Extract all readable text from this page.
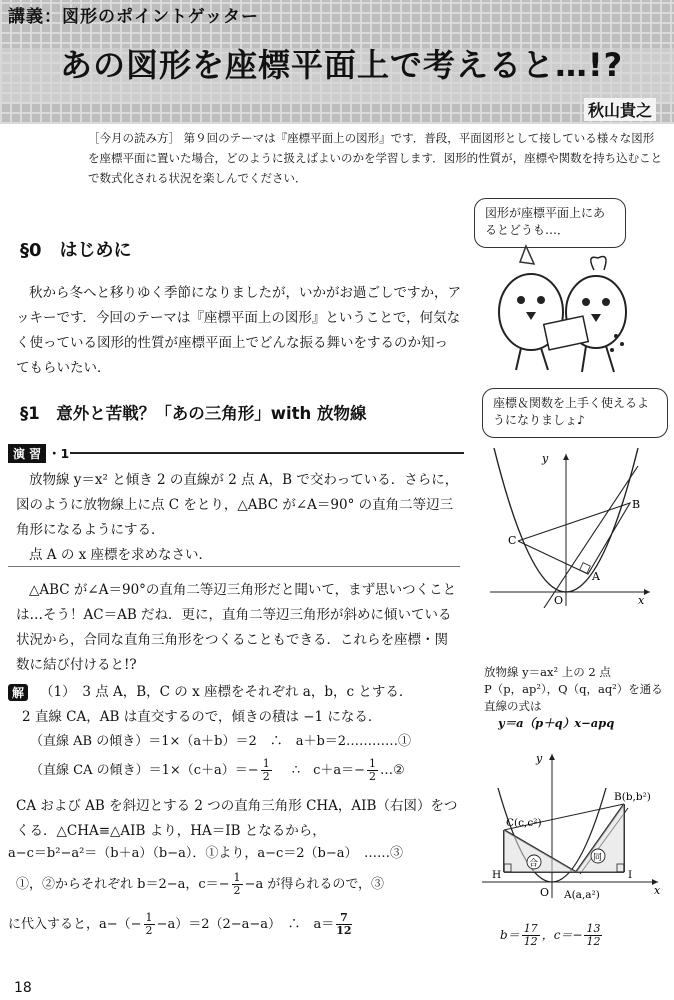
講義：図形のポイントゲッター
あの図形を座標平面上で考えると…!?
秋山貴之
［今月の読み方］ 第９回のテーマは『座標平面上の図形』です．普段，平面図形として接している様々な図形を座標平面に置いた場合，どのように扱えばよいのかを学習します．図形的性質が，座標や関数を持ち込むことで数式化される状況を楽しんでください．
§0　はじめに
秋から冬へと移りゆく季節になりましたが，いかがお過ごしですか，アッキーです．今回のテーマは『座標平面上の図形』ということで，何気なく使っている図形的性質が座標平面上でどんな振る舞いをするのか知ってもらいたい．
図形が座標平面上にあるとどうも…．
座標＆関数を上手く使えるようになりましょ♪
§1　意外と苦戦？「あの三角形」with 放物線
演 習 ・1
放物線 y＝x² と傾き 2 の直線が 2 点 A，B で交わっている．さらに，図のように放物線上に点 C をとり，△ABC が∠A＝90° の直角二等辺三角形になるようにする．
点 A の x 座標を求めなさい．
y
x
O
A
B
C
△ABC が∠A＝90°の直角二等辺三角形だと聞いて，まず思いつくことは…そう！AC＝AB だね．更に，直角二等辺三角形が斜めに傾いている状況から，合同な直角三角形をつくることもできる．これらを座標・関数に結び付けると!?
解 （1）　3 点 A，B，C の x 座標をそれぞれ a，b，c とする．
2 直線 CA，AB は直交するので，傾きの積は −1 になる．
（直線 AB の傾き）＝1×（a＋b）＝2　∴　a＋b＝2…………①
（直線 CA の傾き）$=1\times(c+a)=- \frac{1}{2}$ ∴　$c+a=- \frac{1}{2}$ …②
CA および AB を斜辺とする 2 つの直角三角形 CHA，AIB（右図）をつくる．△CHA≡△AIB より，HA＝IB となるから，
a−c＝b²−a²＝（b＋a）（b−a）．①より，a−c＝2（b−a）　……③
①，②からそれぞれ b＝2−a，$c=- \frac{1}{2} -a$ が得られるので，③
に代入すると，$a-(- \frac{1}{2} -a)=2(2-a-a)$　∴　$a= \frac{7}{12}$
放物線 y＝ax² 上の 2 点
P（p，ap²），Q（q，aq²）を通る
直線の式は
y＝a（p＋q）x−apq
合
同
y
x
O
C(c,c²)
B(b,b²)
A(a,a²)
H	I
$b= \frac{17}{12}$ ，$c=- \frac{13}{12}$
18
